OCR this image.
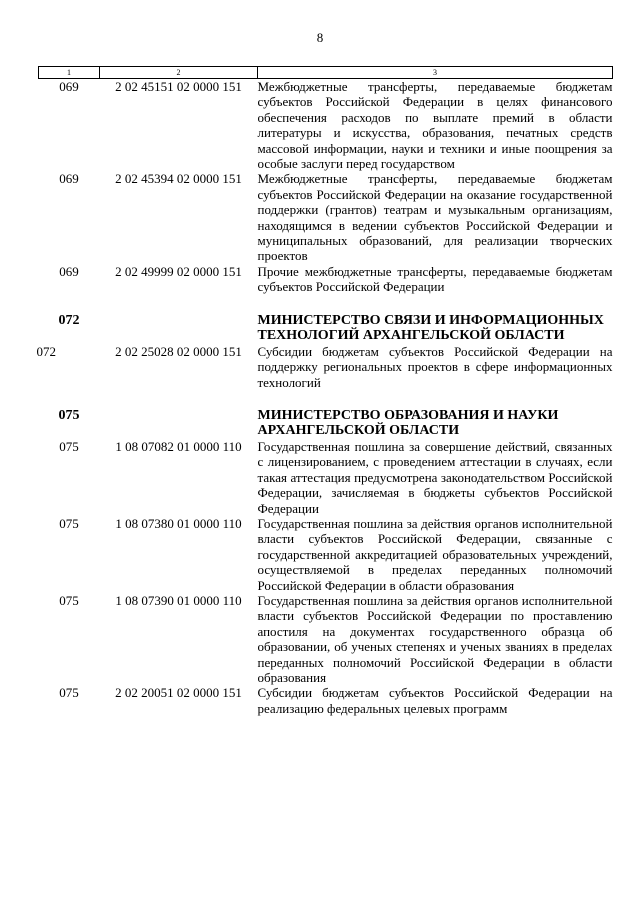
8
1	2	3
069	2 02 45151 02 0000 151	Межбюджетные трансферты, передаваемые бюджетам субъектов Российской Федерации в целях финансового обеспечения расходов по выплате премий в области литературы и искусства, образования, печатных средств массовой информации, науки и техники и иные поощрения за особые заслуги перед государством
069	2 02 45394 02 0000 151	Межбюджетные трансферты, передаваемые бюджетам субъектов Российской Федерации на оказание государственной поддержки (грантов) театрам и музыкальным организациям, находящимся в ведении субъектов Российской Федерации и муниципальных образований, для реализации творческих проектов
069	2 02 49999 02 0000 151	Прочие межбюджетные трансферты, передаваемые бюджетам субъектов Российской Федерации
072		МИНИСТЕРСТВО СВЯЗИ И ИНФОРМАЦИОННЫХ ТЕХНОЛОГИЙ АРХАНГЕЛЬСКОЙ ОБЛАСТИ
072	2 02 25028 02 0000 151	Субсидии бюджетам субъектов Российской Федерации на поддержку региональных проектов в сфере информационных технологий
075		МИНИСТЕРСТВО ОБРАЗОВАНИЯ И НАУКИ АРХАНГЕЛЬСКОЙ ОБЛАСТИ
075	1 08 07082 01 0000 110	Государственная пошлина за совершение действий, связанных с лицензированием, с проведением аттестации в случаях, если такая аттестация предусмотрена законодательством Российской Федерации, зачисляемая в бюджеты субъектов Российской Федерации
075	1 08 07380 01 0000 110	Государственная пошлина за действия органов исполнительной власти субъектов Российской Федерации, связанные с государственной аккредитацией образовательных учреждений, осуществляемой в пределах переданных полномочий Российской Федерации в области образования
075	1 08 07390 01 0000 110	Государственная пошлина за действия органов исполнительной власти субъектов Российской Федерации по проставлению апостиля на документах государственного образца об образовании, об ученых степенях и ученых званиях в пределах переданных полномочий Российской Федерации в области образования
075	2 02 20051 02 0000 151	Субсидии бюджетам субъектов Российской Федерации на реализацию федеральных целевых программ
